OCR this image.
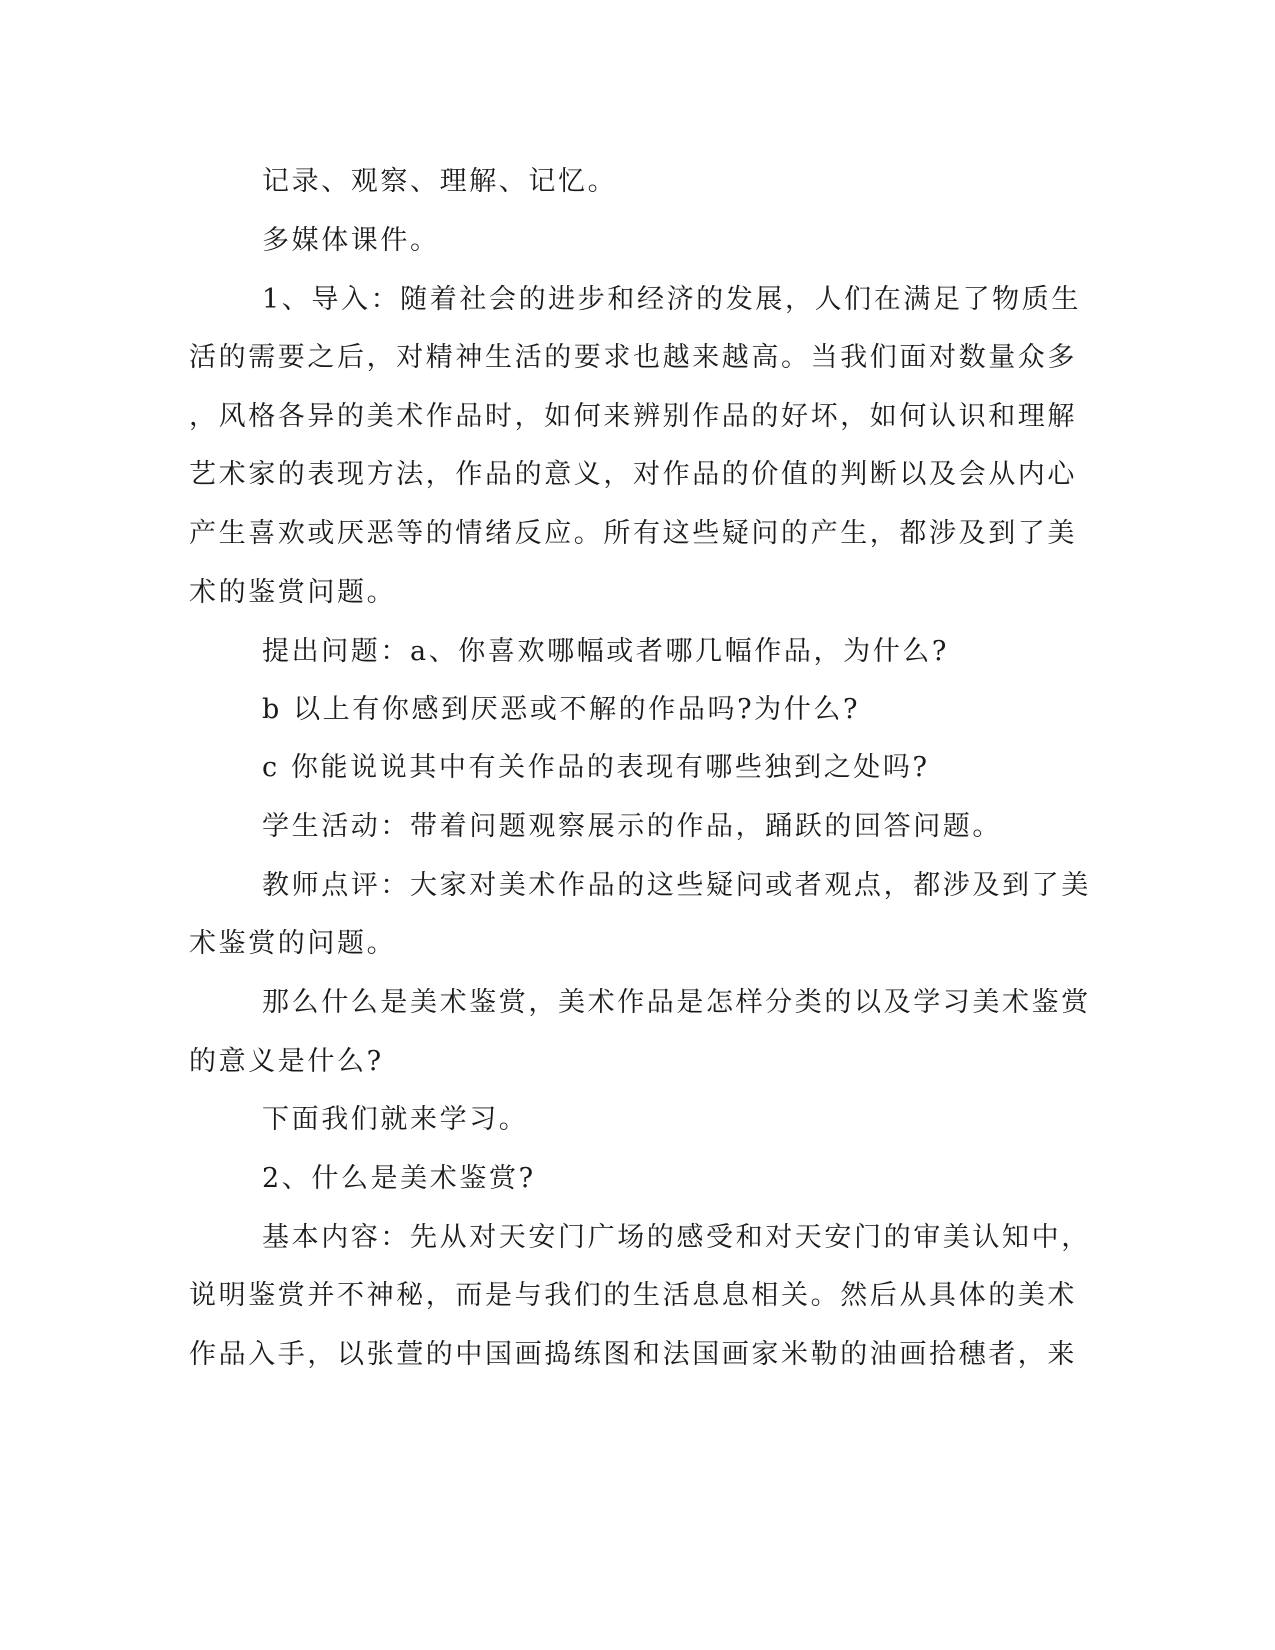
记录、观察、理解、记忆。

多媒体课件。

1、导入：随着社会的进步和经济的发展，人们在满足了物质生

活的需要之后，对精神生活的要求也越来越高。当我们面对数量众多

，风格各异的美术作品时，如何来辨别作品的好坏，如何认识和理解

艺术家的表现方法，作品的意义，对作品的价值的判断以及会从内心

产生喜欢或厌恶等的情绪反应。所有这些疑问的产生，都涉及到了美

术的鉴赏问题。

提出问题：a、你喜欢哪幅或者哪几幅作品，为什么?

b 以上有你感到厌恶或不解的作品吗?为什么?

c 你能说说其中有关作品的表现有哪些独到之处吗?

学生活动：带着问题观察展示的作品，踊跃的回答问题。

教师点评：大家对美术作品的这些疑问或者观点，都涉及到了美

术鉴赏的问题。

那么什么是美术鉴赏，美术作品是怎样分类的以及学习美术鉴赏

的意义是什么?

下面我们就来学习。

2、什么是美术鉴赏?

基本内容：先从对天安门广场的感受和对天安门的审美认知中，

说明鉴赏并不神秘，而是与我们的生活息息相关。然后从具体的美术

作品入手，以张萱的中国画捣练图和法国画家米勒的油画拾穗者，来
